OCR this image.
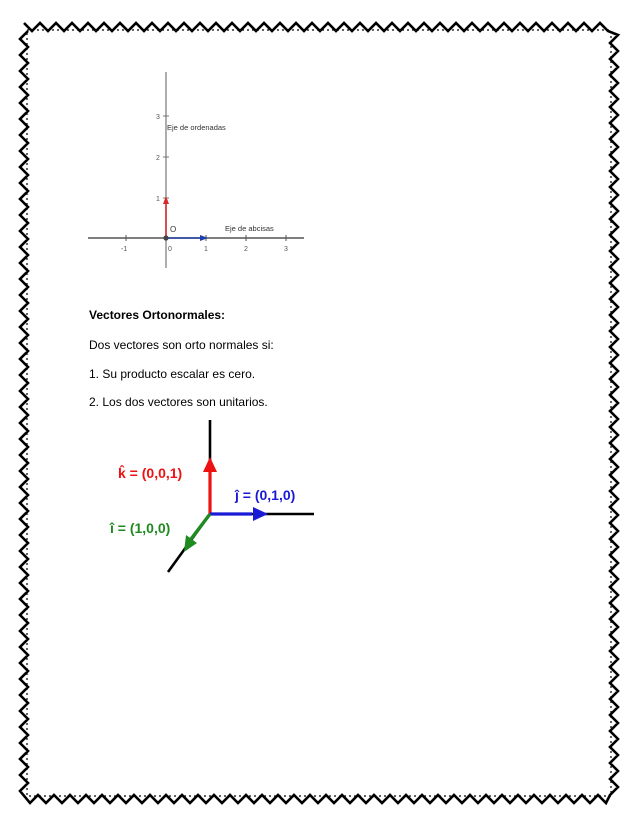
-1	0	1	2	3
1
2
3
O
Eje de ordenadas
Eje de abcisas

Vectores Ortonormales:

Dos vectores son orto normales si:

1. Su producto escalar es cero.

2. Los dos vectores son unitarios.

k̂ = (0,0,1)
ĵ = (0,1,0)
î = (1,0,0)
